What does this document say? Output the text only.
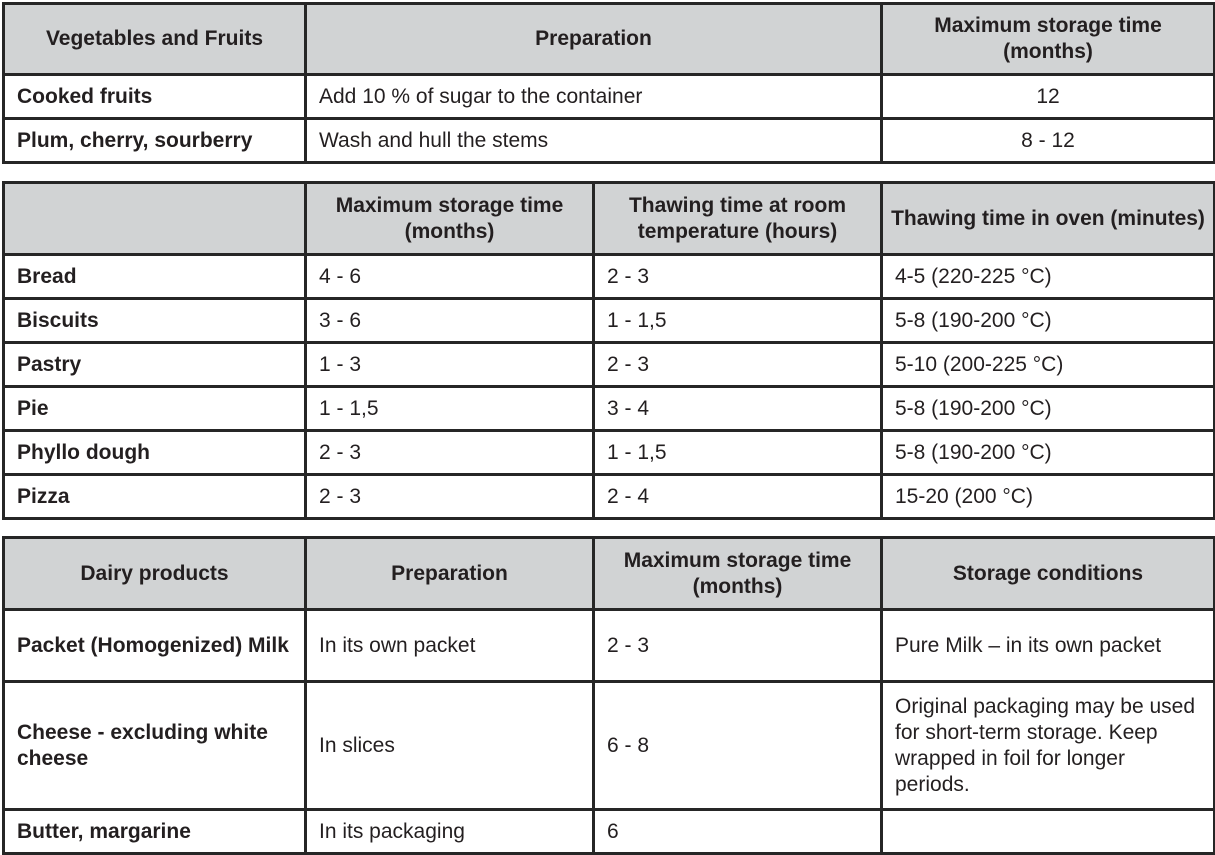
Vegetables and Fruits	Preparation	Maximum storage time (months)
Cooked fruits	Add 10 % of sugar to the container	12
Plum, cherry, sourberry	Wash and hull the stems	8 - 12
	Maximum storage time (months)	Thawing time at room temperature (hours)	Thawing time in oven (minutes)
Bread	4 - 6	2 - 3	4-5 (220-225 °C)
Biscuits	3 - 6	1 - 1,5	5-8 (190-200 °C)
Pastry	1 - 3	2 - 3	5-10 (200-225 °C)
Pie	1 - 1,5	3 - 4	5-8 (190-200 °C)
Phyllo dough	2 - 3	1 - 1,5	5-8 (190-200 °C)
Pizza	2 - 3	2 - 4	15-20 (200 °C)
Dairy products	Preparation	Maximum storage time (months)	Storage conditions
Packet (Homogenized) Milk	In its own packet	2 - 3	Pure Milk – in its own packet
Cheese - excluding white cheese	In slices	6 - 8	Original packaging may be used for short-term storage. Keep wrapped in foil for longer periods.
Butter, margarine	In its packaging	6	
